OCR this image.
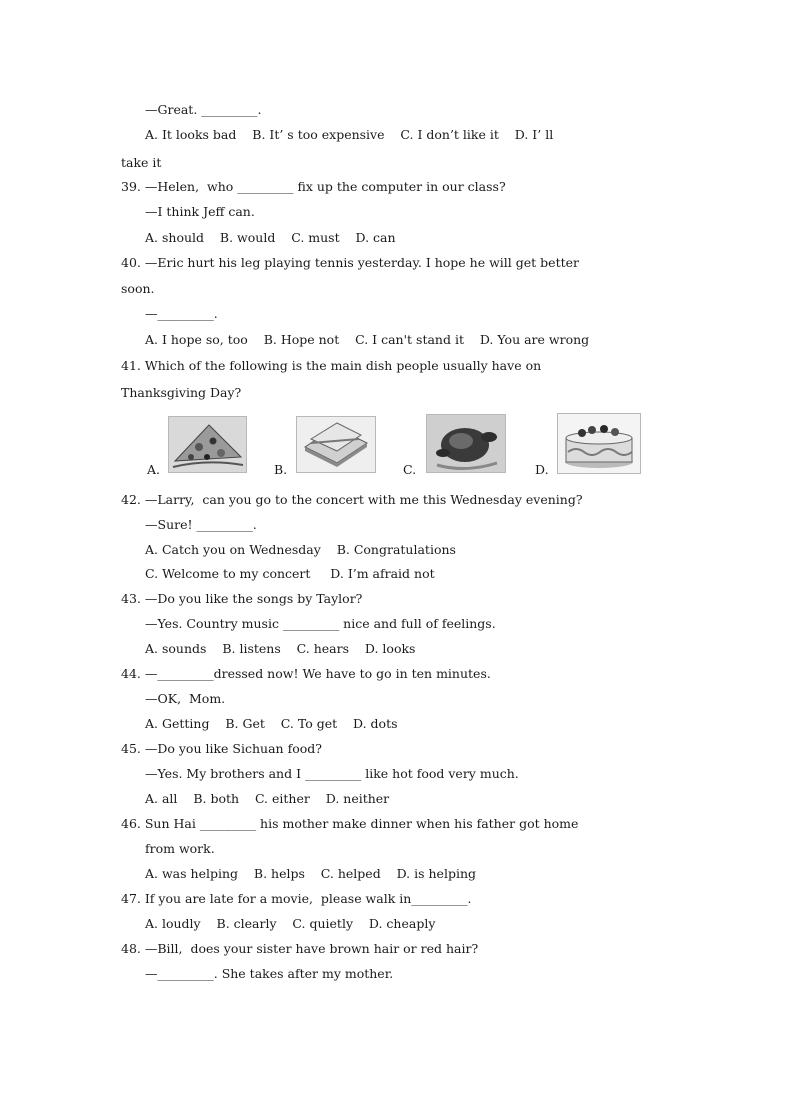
—Great. _________.
A. It looks bad    B. It’ s too expensive    C. I don’t like it    D. I’ ll
take it
39. —Helen,  who _________ fix up the computer in our class?
—I think Jeff can.
A. should    B. would    C. must    D. can
40. —Eric hurt his leg playing tennis yesterday. I hope he will get better
soon.
—_________.
A. I hope so, too    B. Hope not    C. I can't stand it    D. You are wrong
41. Which of the following is the main dish people usually have on
Thanksgiving Day?
A.	B.	C.	D.
42. —Larry,  can you go to the concert with me this Wednesday evening?
—Sure! _________.
A. Catch you on Wednesday    B. Congratulations
C. Welcome to my concert     D. I’m afraid not
43. —Do you like the songs by Taylor?
—Yes. Country music _________ nice and full of feelings.
A. sounds    B. listens    C. hears    D. looks
44. —_________dressed now! We have to go in ten minutes.
—OK,  Mom.
A. Getting    B. Get    C. To get    D. dots
45. —Do you like Sichuan food?
—Yes. My brothers and I _________ like hot food very much.
A. all    B. both    C. either    D. neither
46. Sun Hai _________ his mother make dinner when his father got home
from work.
A. was helping    B. helps    C. helped    D. is helping
47. If you are late for a movie,  please walk in_________.
A. loudly    B. clearly    C. quietly    D. cheaply
48. —Bill,  does your sister have brown hair or red hair?
—_________. She takes after my mother.
